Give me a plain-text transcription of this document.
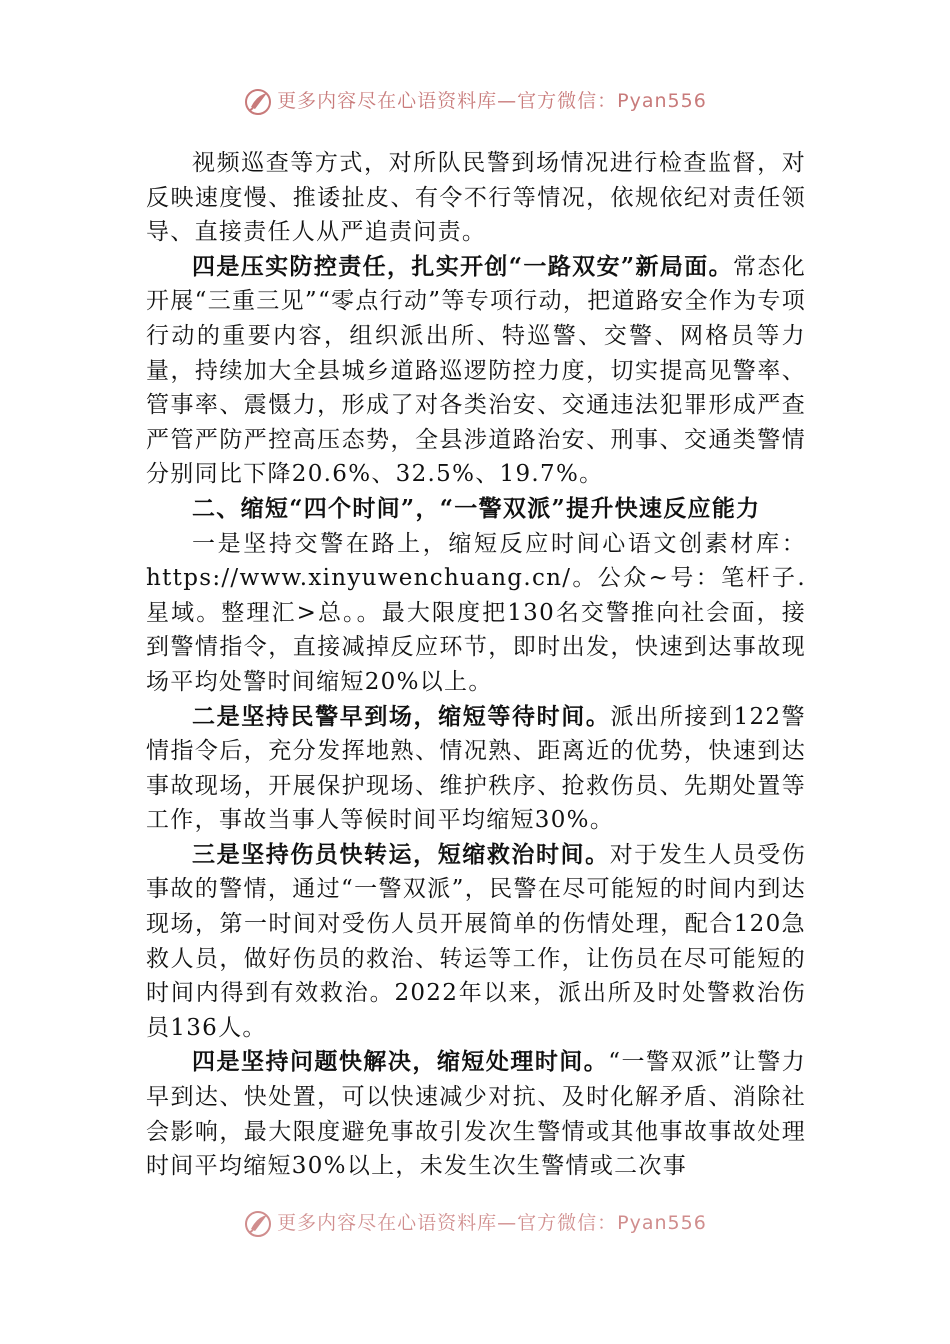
更多内容尽在心语资料库—官方微信：Pyan556

视频巡查等方式，对所队民警到场情况进行检查监督，对反映速度慢、推诿扯皮、有令不行等情况，依规依纪对责任领导、直接责任人从严追责问责。

四是压实防控责任，扎实开创“一路双安”新局面。常态化开展“三重三见”“零点行动”等专项行动，把道路安全作为专项行动的重要内容，组织派出所、特巡警、交警、网格员等力量，持续加大全县城乡道路巡逻防控力度，切实提高见警率、管事率、震慑力，形成了对各类治安、交通违法犯罪形成严查严管严防严控高压态势，全县涉道路治安、刑事、交通类警情分别同比下降20.6%、32.5%、19.7%。

二、缩短“四个时间”，“一警双派”提升快速反应能力

一是坚持交警在路上，缩短反应时间心语文创素材库：https://www.xinyuwenchuang.cn/。公众~号：笔杆子.星域。整理汇>总。。最大限度把130名交警推向社会面，接到警情指令，直接减掉反应环节，即时出发，快速到达事故现场平均处警时间缩短20%以上。

二是坚持民警早到场，缩短等待时间。派出所接到122警情指令后，充分发挥地熟、情况熟、距离近的优势，快速到达事故现场，开展保护现场、维护秩序、抢救伤员、先期处置等工作，事故当事人等候时间平均缩短30%。

三是坚持伤员快转运，短缩救治时间。对于发生人员受伤事故的警情，通过“一警双派”，民警在尽可能短的时间内到达现场，第一时间对受伤人员开展简单的伤情处理，配合120急救人员，做好伤员的救治、转运等工作，让伤员在尽可能短的时间内得到有效救治。2022年以来，派出所及时处警救治伤员136人。

四是坚持问题快解决，缩短处理时间。“一警双派”让警力早到达、快处置，可以快速减少对抗、及时化解矛盾、消除社会影响，最大限度避免事故引发次生警情或其他事故事故处理时间平均缩短30%以上，未发生次生警情或二次事

更多内容尽在心语资料库—官方微信：Pyan556
